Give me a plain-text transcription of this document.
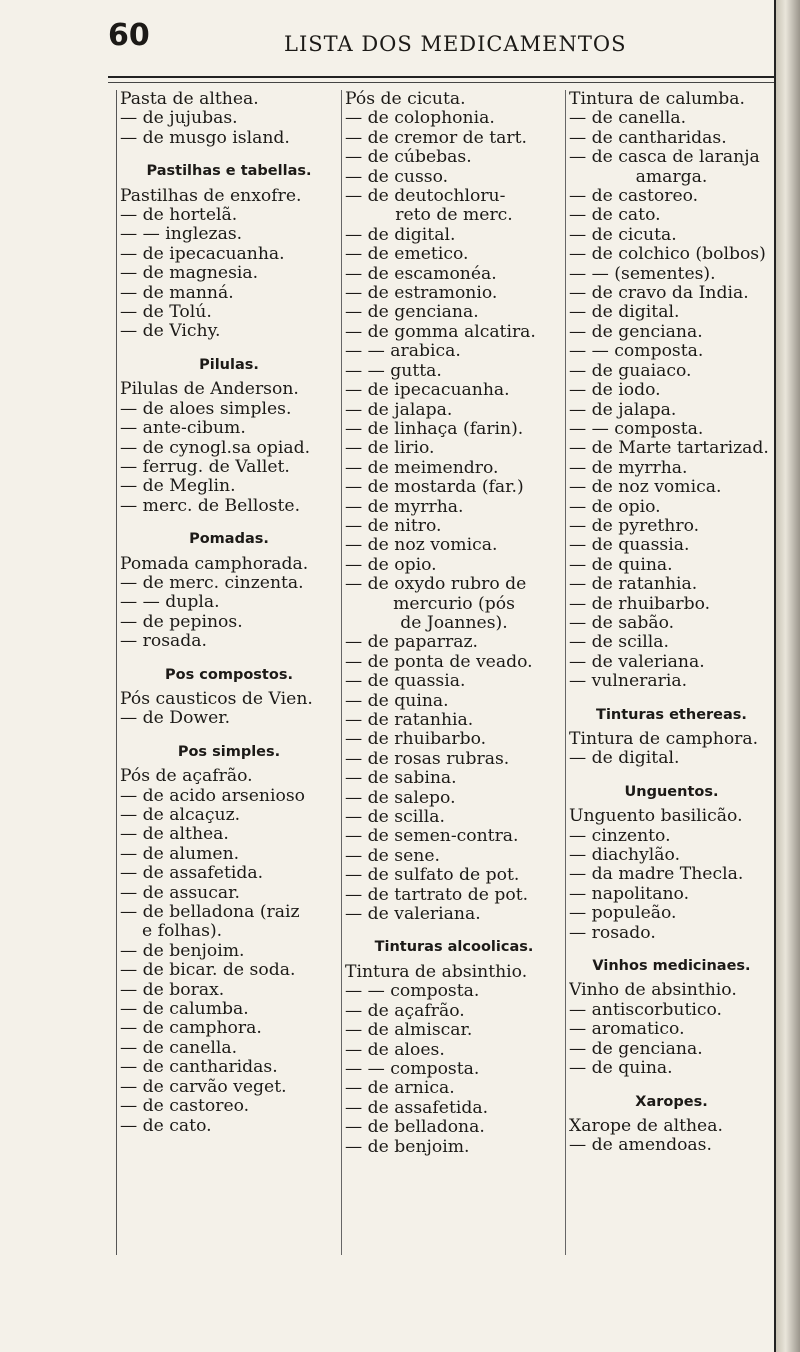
60	LISTA DOS MEDICAMENTOS
Pasta de althea.
— de jujubas.
— de musgo island.
Pastilhas e tabellas.
Pastilhas de enxofre.
— de hortelã.
— — inglezas.
— de ipecacuanha.
— de magnesia.
— de manná.
— de Tolú.
— de Vichy.
Pilulas.
Pilulas de Anderson.
— de aloes simples.
— ante-cibum.
— de cynogl.sa opiad.
— ferrug. de Vallet.
— de Meglin.
— merc. de Belloste.
Pomadas.
Pomada camphorada.
— de merc. cinzenta.
— — dupla.
— de pepinos.
— rosada.
Pos compostos.
Pós causticos de Vien.
— de Dower.
Pos simples.
Pós de açafrão.
— de acido arsenioso
— de alcaçuz.
— de althea.
— de alumen.
— de assafetida.
— de assucar.
— de belladona (raiz
e folhas).
— de benjoim.
— de bicar. de soda.
— de borax.
— de calumba.
— de camphora.
— de canella.
— de cantharidas.
— de carvão veget.
— de castoreo.
— de cato.
Pós de cicuta.
— de colophonia.
— de cremor de tart.
— de cúbebas.
— de cusso.
— de deutochloru-
reto de merc.
— de digital.
— de emetico.
— de escamonéa.
— de estramonio.
— de genciana.
— de gomma alcatira.
— — arabica.
— — gutta.
— de ipecacuanha.
— de jalapa.
— de linhaça (farin).
— de lirio.
— de meimendro.
— de mostarda (far.)
— de myrrha.
— de nitro.
— de noz vomica.
— de opio.
— de oxydo rubro de
mercurio (pós
de Joannes).
— de paparraz.
— de ponta de veado.
— de quassia.
— de quina.
— de ratanhia.
— de rhuibarbo.
— de rosas rubras.
— de sabina.
— de salepo.
— de scilla.
— de semen-contra.
— de sene.
— de sulfato de pot.
— de tartrato de pot.
— de valeriana.
Tinturas alcoolicas.
Tintura de absinthio.
— — composta.
— de açafrão.
— de almiscar.
— de aloes.
— — composta.
— de arnica.
— de assafetida.
— de belladona.
— de benjoim.
Tintura de calumba.
— de canella.
— de cantharidas.
— de casca de laranja
amarga.
— de castoreo.
— de cato.
— de cicuta.
— de colchico (bolbos)
— — (sementes).
— de cravo da India.
— de digital.
— de genciana.
— — composta.
— de guaiaco.
— de iodo.
— de jalapa.
— — composta.
— de Marte tartarizad.
— de myrrha.
— de noz vomica.
— de opio.
— de pyrethro.
— de quassia.
— de quina.
— de ratanhia.
— de rhuibarbo.
— de sabão.
— de scilla.
— de valeriana.
— vulneraria.
Tinturas ethereas.
Tintura de camphora.
— de digital.
Unguentos.
Unguento basilicão.
— cinzento.
— diachylão.
— da madre Thecla.
— napolitano.
— populeão.
— rosado.
Vinhos medicinaes.
Vinho de absinthio.
— antiscorbutico.
— aromatico.
— de genciana.
— de quina.
Xaropes.
Xarope de althea.
— de amendoas.
